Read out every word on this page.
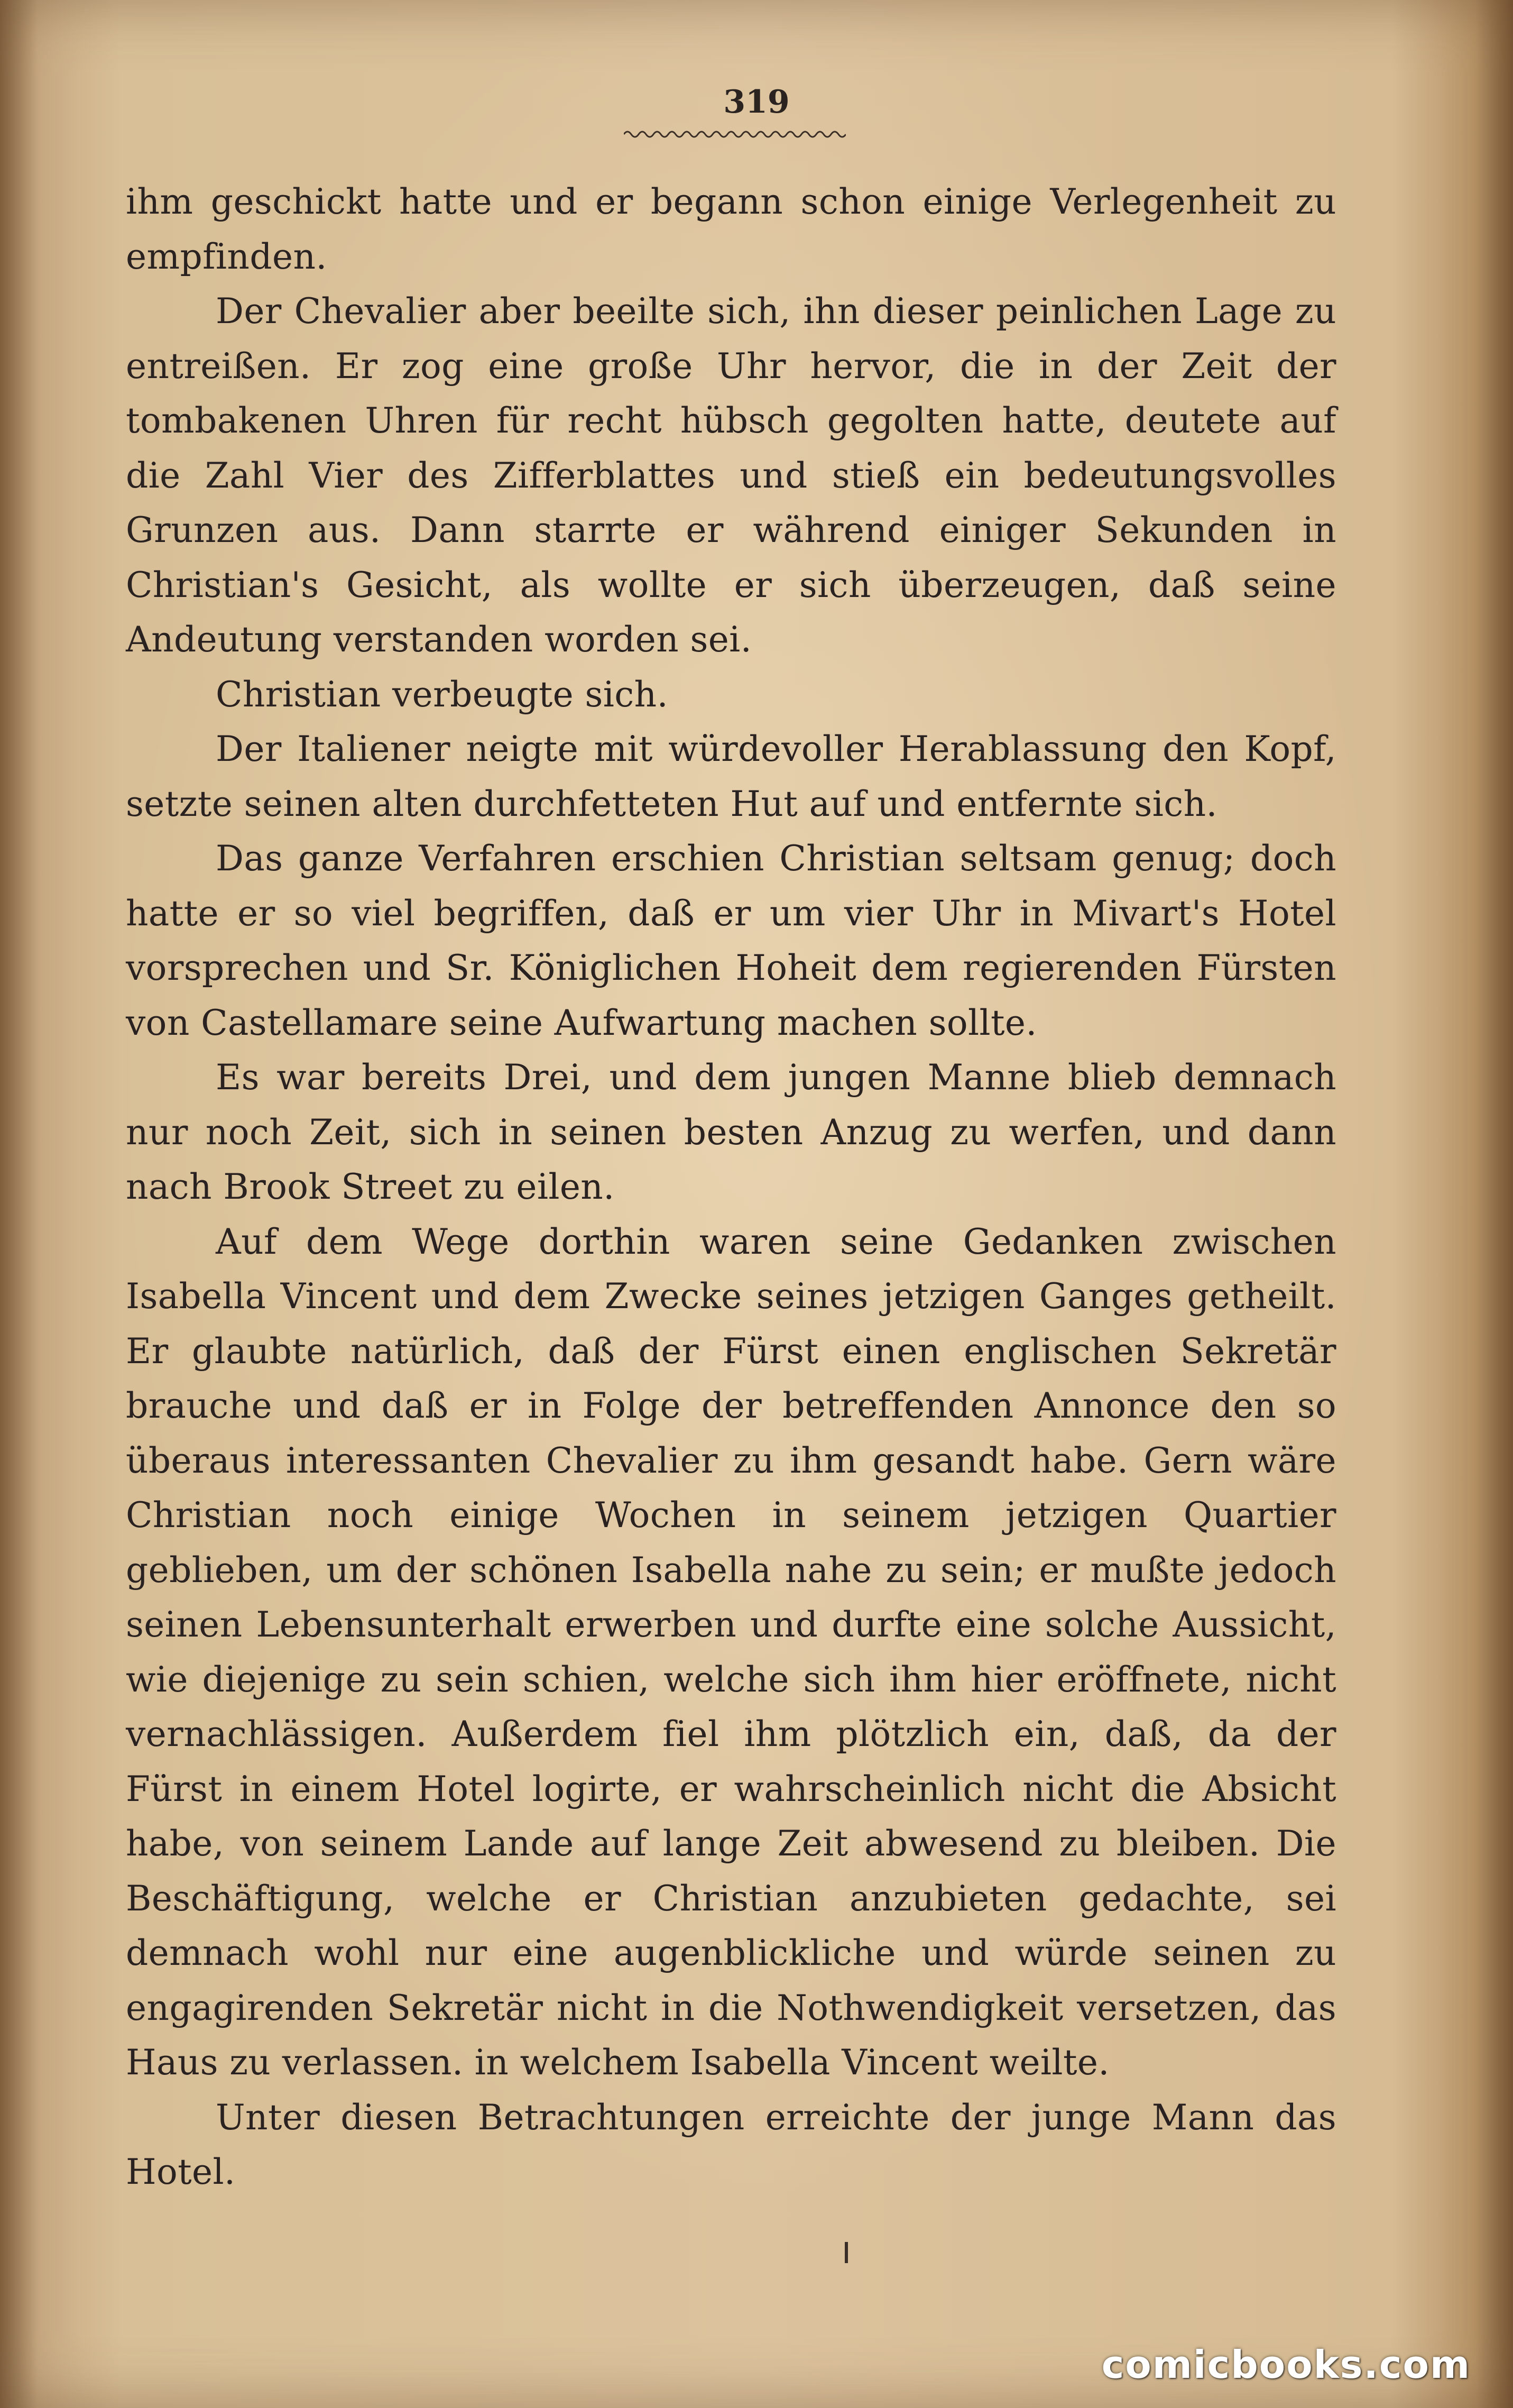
319

ihm geschickt hatte und er begann schon einige Verlegenheit zu empfinden.

Der Chevalier aber beeilte sich, ihn dieser peinlichen Lage zu entreißen. Er zog eine große Uhr hervor, die in der Zeit der tombakenen Uhren für recht hübsch gegolten hatte, deutete auf die Zahl Vier des Zifferblattes und stieß ein bedeutungsvolles Grunzen aus. Dann starrte er während einiger Sekunden in Christian's Gesicht, als wollte er sich überzeugen, daß seine Andeutung verstanden worden sei.

Christian verbeugte sich.

Der Italiener neigte mit würdevoller Herablassung den Kopf, setzte seinen alten durchfetteten Hut auf und entfernte sich.

Das ganze Verfahren erschien Christian seltsam genug; doch hatte er so viel begriffen, daß er um vier Uhr in Mivart's Hotel vorsprechen und Sr. Königlichen Hoheit dem regierenden Fürsten von Castellamare seine Aufwartung machen sollte.

Es war bereits Drei, und dem jungen Manne blieb demnach nur noch Zeit, sich in seinen besten Anzug zu werfen, und dann nach Brook Street zu eilen.

Auf dem Wege dorthin waren seine Gedanken zwischen Isabella Vincent und dem Zwecke seines jetzigen Ganges getheilt. Er glaubte natürlich, daß der Fürst einen englischen Sekretär brauche und daß er in Folge der betreffenden Annonce den so überaus interessanten Chevalier zu ihm gesandt habe. Gern wäre Christian noch einige Wochen in seinem jetzigen Quartier geblieben, um der schönen Isabella nahe zu sein; er mußte jedoch seinen Lebensunterhalt erwerben und durfte eine solche Aussicht, wie diejenige zu sein schien, welche sich ihm hier eröffnete, nicht vernachlässigen. Außerdem fiel ihm plötzlich ein, daß, da der Fürst in einem Hotel logirte, er wahrscheinlich nicht die Absicht habe, von seinem Lande auf lange Zeit abwesend zu bleiben. Die Beschäftigung, welche er Christian anzubieten gedachte, sei demnach wohl nur eine augenblickliche und würde seinen zu engagirenden Sekretär nicht in die Nothwendigkeit versetzen, das Haus zu verlassen. in welchem Isabella Vincent weilte.

Unter diesen Betrachtungen erreichte der junge Mann das Hotel.

comicbooks.com
